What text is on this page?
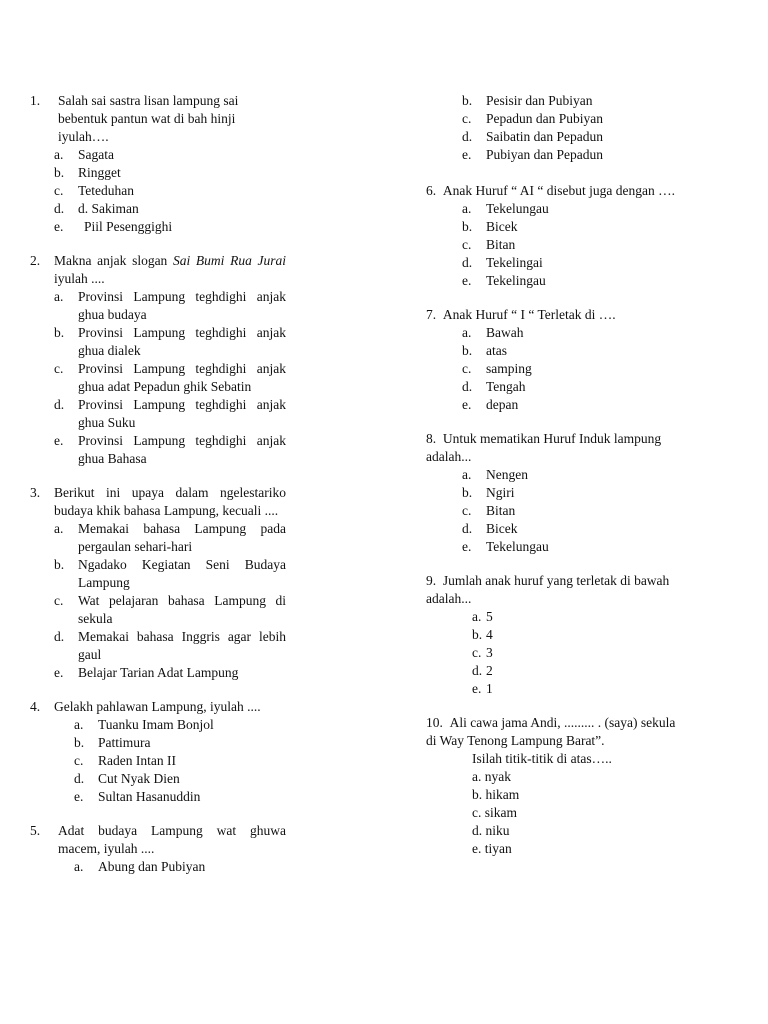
1.	Salah sai sastra lisan lampung sai bebentuk pantun wat di bah hinji iyulah….
a.	Sagata
b.	Ringget
c.	Teteduhan
d.	d. Sakiman
e.	Piil Pesenggighi
2.	Makna anjak slogan Sai Bumi Rua Jurai iyulah ....
a.	Provinsi Lampung teghdighi anjak ghua budaya
b.	Provinsi Lampung teghdighi anjak ghua dialek
c.	Provinsi Lampung teghdighi anjak ghua adat Pepadun ghik Sebatin
d.	Provinsi Lampung teghdighi anjak ghua Suku
e.	Provinsi Lampung teghdighi anjak ghua Bahasa
3.	Berikut ini upaya dalam ngelestariko budaya khik bahasa Lampung, kecuali ....
a.	Memakai bahasa Lampung pada pergaulan sehari-hari
b.	Ngadako Kegiatan Seni Budaya Lampung
c.	Wat pelajaran bahasa Lampung di sekula
d.	Memakai bahasa Inggris agar lebih gaul
e.	Belajar Tarian Adat Lampung
4.	Gelakh pahlawan Lampung, iyulah ....
a.	Tuanku Imam Bonjol
b.	Pattimura
c.	Raden Intan II
d.	Cut Nyak Dien
e.	Sultan Hasanuddin
5.	Adat budaya Lampung wat ghuwa macem, iyulah ....
a.	Abung dan Pubiyan
b.	Pesisir dan Pubiyan
c.	Pepadun dan Pubiyan
d.	Saibatin dan Pepadun
e.	Pubiyan dan Pepadun
6. Anak Huruf “ AI “ disebut juga dengan ….
a.	Tekelungau
b.	Bicek
c.	Bitan
d.	Tekelingai
e.	Tekelingau
7. Anak Huruf “ I “ Terletak di ….
a.	Bawah
b.	atas
c.	samping
d.	Tengah
e.	depan
8. Untuk mematikan Huruf Induk lampung adalah...
a.	Nengen
b.	Ngiri
c.	Bitan
d.	Bicek
e.	Tekelungau
9. Jumlah anak huruf yang terletak di bawah adalah...
a. 5
b. 4
c. 3
d. 2
e. 1
10. Ali cawa jama Andi, ......... . (saya) sekula di Way Tenong Lampung Barat”.
Isilah titik-titik di atas…..
a. nyak
b. hikam
c. sikam
d. niku
e. tiyan
